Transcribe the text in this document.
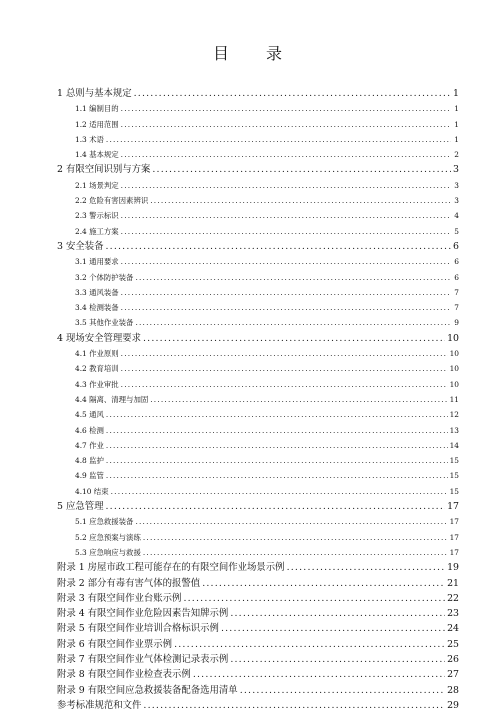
目 录
1 总则与基本规定 .....	1
1.1 编制目的 .....	1
1.2 适用范围 .....	1
1.3 术语 .....	1
1.4 基本规定 .....	2
2 有限空间识别与方案 .....	3
2.1 场景判定 .....	3
2.2 危险有害因素辨识 .....	3
2.3 警示标识 .....	4
2.4 施工方案 .....	5
3 安全装备 .....	6
3.1 通用要求 .....	6
3.2 个体防护装备 .....	6
3.3 通风装备 .....	7
3.4 检测装备 .....	7
3.5 其他作业装备 .....	9
4 现场安全管理要求 .....	10
4.1 作业原则 .....	10
4.2 教育培训 .....	10
4.3 作业审批 .....	10
4.4 隔离、清理与加固 .....	11
4.5 通风 .....	12
4.6 检测 .....	13
4.7 作业 .....	14
4.8 监护 .....	15
4.9 监管 .....	15
4.10 结束 .....	15
5 应急管理 .....	17
5.1 应急救援装备 .....	17
5.2 应急预案与演练 .....	17
5.3 应急响应与救援 .....	17
附录 1 房屋市政工程可能存在的有限空间作业场景示例 .....	19
附录 2 部分有毒有害气体的报警值 .....	21
附录 3 有限空间作业台账示例 .....	22
附录 4 有限空间作业危险因素告知牌示例 .....	23
附录 5 有限空间作业培训合格标识示例 .....	24
附录 6 有限空间作业票示例 .....	25
附录 7 有限空间作业气体检测记录表示例 .....	26
附录 8 有限空间作业检查表示例 .....	27
附录 9 有限空间应急救援装备配备选用清单 .....	28
参考标准规范和文件 .....	29
